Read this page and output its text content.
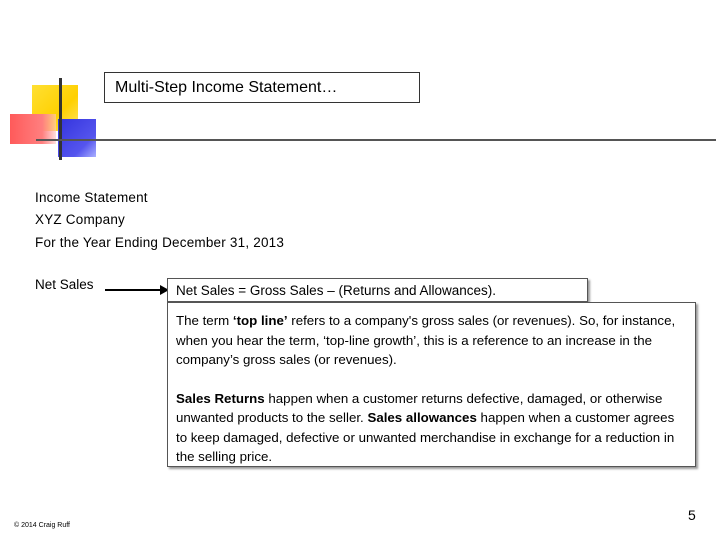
Multi-Step Income Statement…
Income Statement
XYZ Company
For the Year Ending December 31, 2013
Net Sales	Net Sales = Gross Sales – (Returns and Allowances).

The term ‘top line’ refers to a company's gross sales (or revenues). So, for instance, when you hear the term, ‘top-line growth’, this is a reference to an increase in the company’s gross sales (or revenues).

Sales Returns happen when a customer returns defective, damaged, or otherwise unwanted products to the seller. Sales allowances happen when a customer agrees to keep damaged, defective or unwanted merchandise in exchange for a reduction in the selling price.

© 2014 Craig Ruff
5
